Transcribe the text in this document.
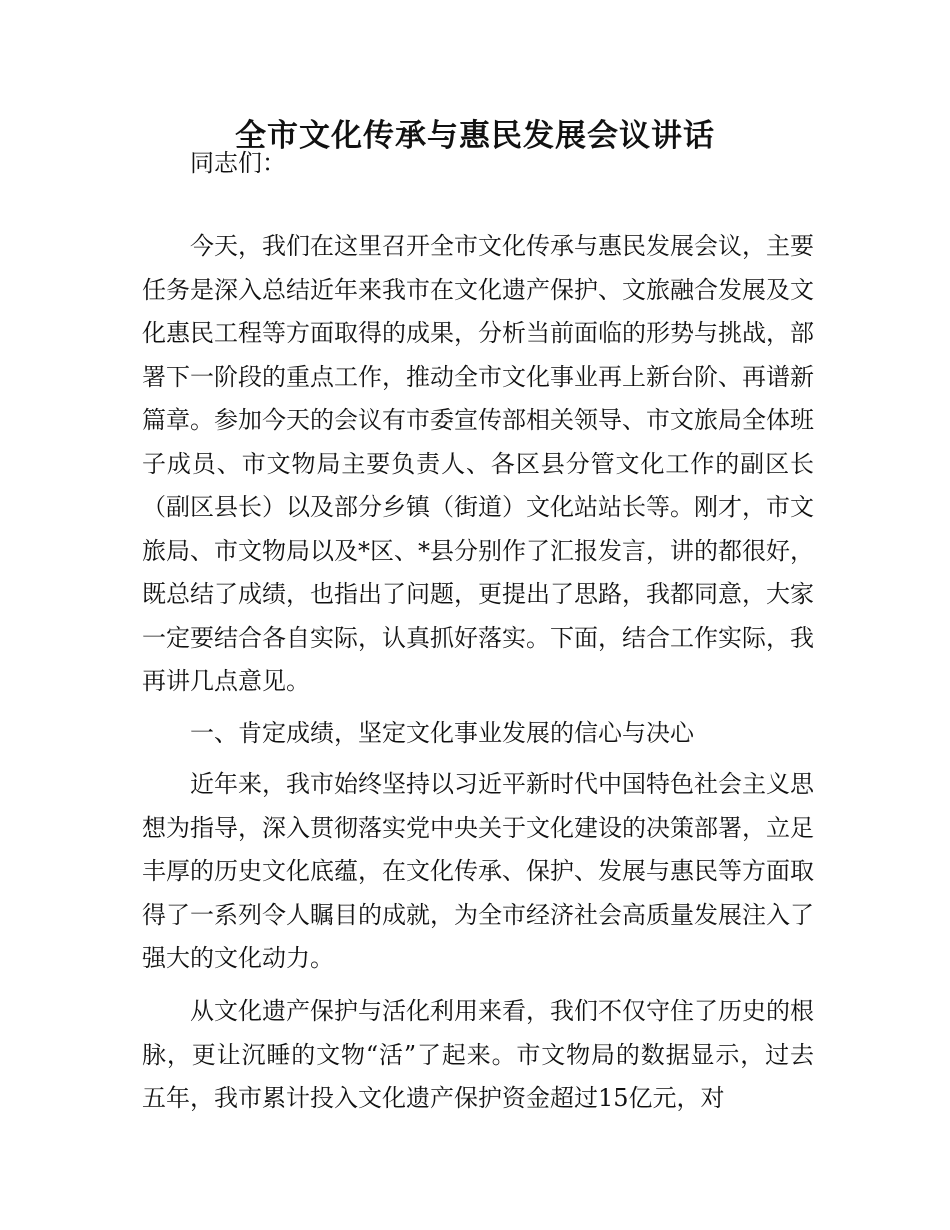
全市文化传承与惠民发展会议讲话

同志们：

今天，我们在这里召开全市文化传承与惠民发展会议，主要任务是深入总结近年来我市在文化遗产保护、文旅融合发展及文化惠民工程等方面取得的成果，分析当前面临的形势与挑战，部署下一阶段的重点工作，推动全市文化事业再上新台阶、再谱新篇章。参加今天的会议有市委宣传部相关领导、市文旅局全体班子成员、市文物局主要负责人、各区县分管文化工作的副区长（副区县长）以及部分乡镇（街道）文化站站长等。刚才，市文旅局、市文物局以及*区、*县分别作了汇报发言，讲的都很好，既总结了成绩，也指出了问题，更提出了思路，我都同意，大家一定要结合各自实际，认真抓好落实。下面，结合工作实际，我再讲几点意见。

一、肯定成绩，坚定文化事业发展的信心与决心

近年来，我市始终坚持以习近平新时代中国特色社会主义思想为指导，深入贯彻落实党中央关于文化建设的决策部署，立足丰厚的历史文化底蕴，在文化传承、保护、发展与惠民等方面取得了一系列令人瞩目的成就，为全市经济社会高质量发展注入了强大的文化动力。

从文化遗产保护与活化利用来看，我们不仅守住了历史的根脉，更让沉睡的文物“活”了起来。市文物局的数据显示，过去五年，我市累计投入文化遗产保护资金超过15亿元，对
